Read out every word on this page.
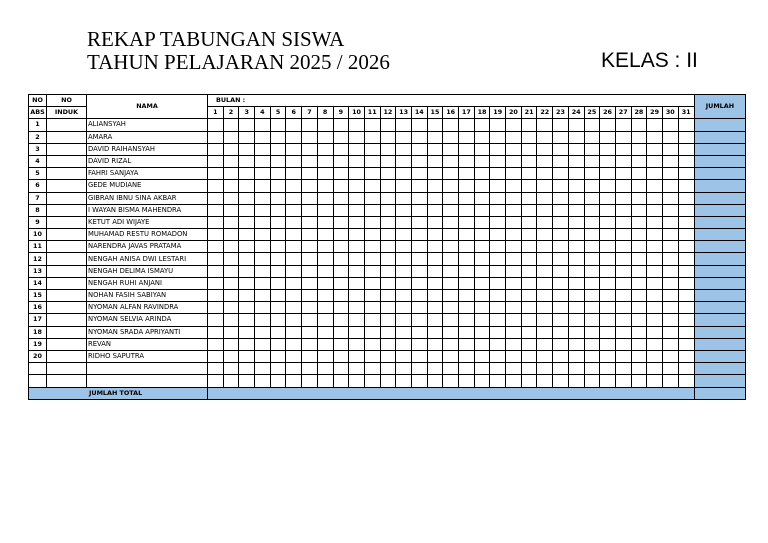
REKAP TABUNGAN SISWA
TAHUN PELAJARAN 2025 / 2026	KELAS : II
NO	NO	NAMA	BULAN :																															JUMLAH
ABS	INDUK		1	2	3	4	5	6	7	8	9	10	11	12	13	14	15	16	17	18	19	20	21	22	23	24	25	26	27	28	29	30	31	
1		ALIANSYAH																																
2		AMARA																																
3		DAVID RAIHANSYAH																																
4		DAVID RIZAL																																
5		FAHRI SANJAYA																																
6		GEDE MUDIANE																																
7		GIBRAN IBNU SINA AKBAR																																
8		I WAYAN BISMA MAHENDRA																																
9		KETUT ADI WIJAYE																																
10		MUHAMAD RESTU ROMADON																																
11		NARENDRA JAVAS PRATAMA																																
12		NENGAH ANISA DWI LESTARI																																
13		NENGAH DELIMA ISMAYU																																
14		NENGAH RUHI ANJANI																																
15		NOHAN FASIH SABIYAN																																
16		NYOMAN ALFAN RAVINDRA																																
17		NYOMAN SELVIA ARINDA																																
18		NYOMAN SRADA APRIYANTI																																
19		REVAN																																
20		RIDHO SAPUTRA																																

JUMLAH TOTAL																																		
